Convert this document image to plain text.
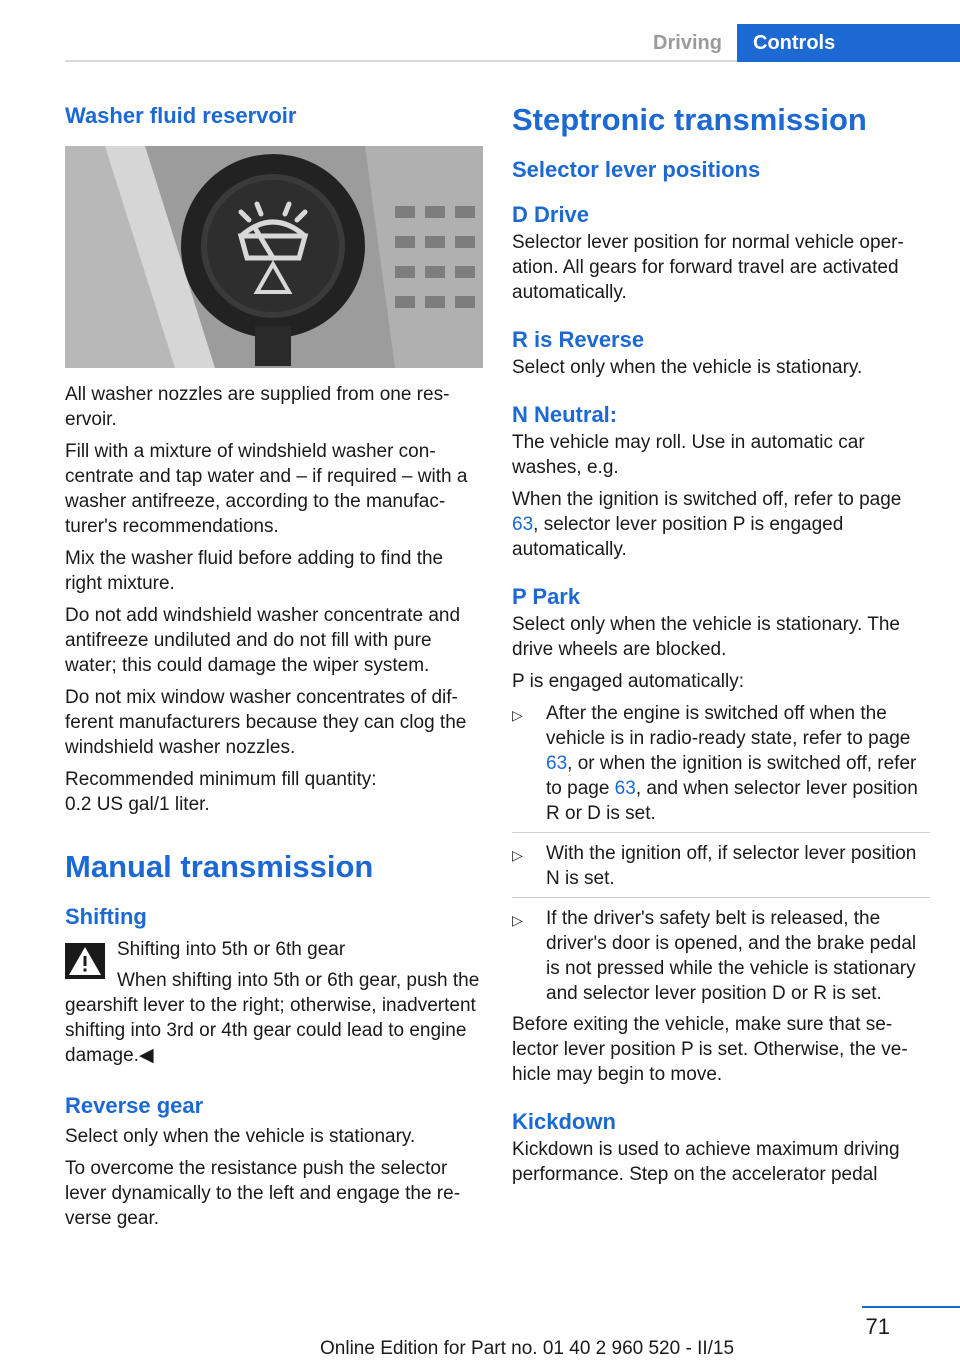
Driving	Controls
Washer fluid reservoir

All washer nozzles are supplied from one reservoir.

Fill with a mixture of windshield washer concentrate and tap water and – if required – with a washer antifreeze, according to the manufacturer's recommendations.

Mix the washer fluid before adding to find the right mixture.

Do not add windshield washer concentrate and antifreeze undiluted and do not fill with pure water; this could damage the wiper system.

Do not mix window washer concentrates of different manufacturers because they can clog the windshield washer nozzles.

Recommended minimum fill quantity:
0.2 US gal/1 liter.

Manual transmission
Shifting

Shifting into 5th or 6th gear

When shifting into 5th or 6th gear, push the gearshift lever to the right; otherwise, inadvertent shifting into 3rd or 4th gear could lead to engine damage.◀

Reverse gear

Select only when the vehicle is stationary.

To overcome the resistance push the selector lever dynamically to the left and engage the reverse gear.

Steptronic transmission
Selector lever positions
D Drive

Selector lever position for normal vehicle operation. All gears for forward travel are activated automatically.

R is Reverse

Select only when the vehicle is stationary.

N Neutral:

The vehicle may roll. Use in automatic car washes, e.g.

When the ignition is switched off, refer to page 63, selector lever position P is engaged automatically.

P Park

Select only when the vehicle is stationary. The drive wheels are blocked.

P is engaged automatically:

▷ After the engine is switched off when the vehicle is in radio-ready state, refer to page 63, or when the ignition is switched off, refer to page 63, and when selector lever position R or D is set.
▷ With the ignition off, if selector lever position N is set.
▷ If the driver's safety belt is released, the driver's door is opened, and the brake pedal is not pressed while the vehicle is stationary and selector lever position D or R is set.

Before exiting the vehicle, make sure that selector lever position P is set. Otherwise, the vehicle may begin to move.

Kickdown

Kickdown is used to achieve maximum driving performance. Step on the accelerator pedal

71
Online Edition for Part no. 01 40 2 960 520 - II/15
